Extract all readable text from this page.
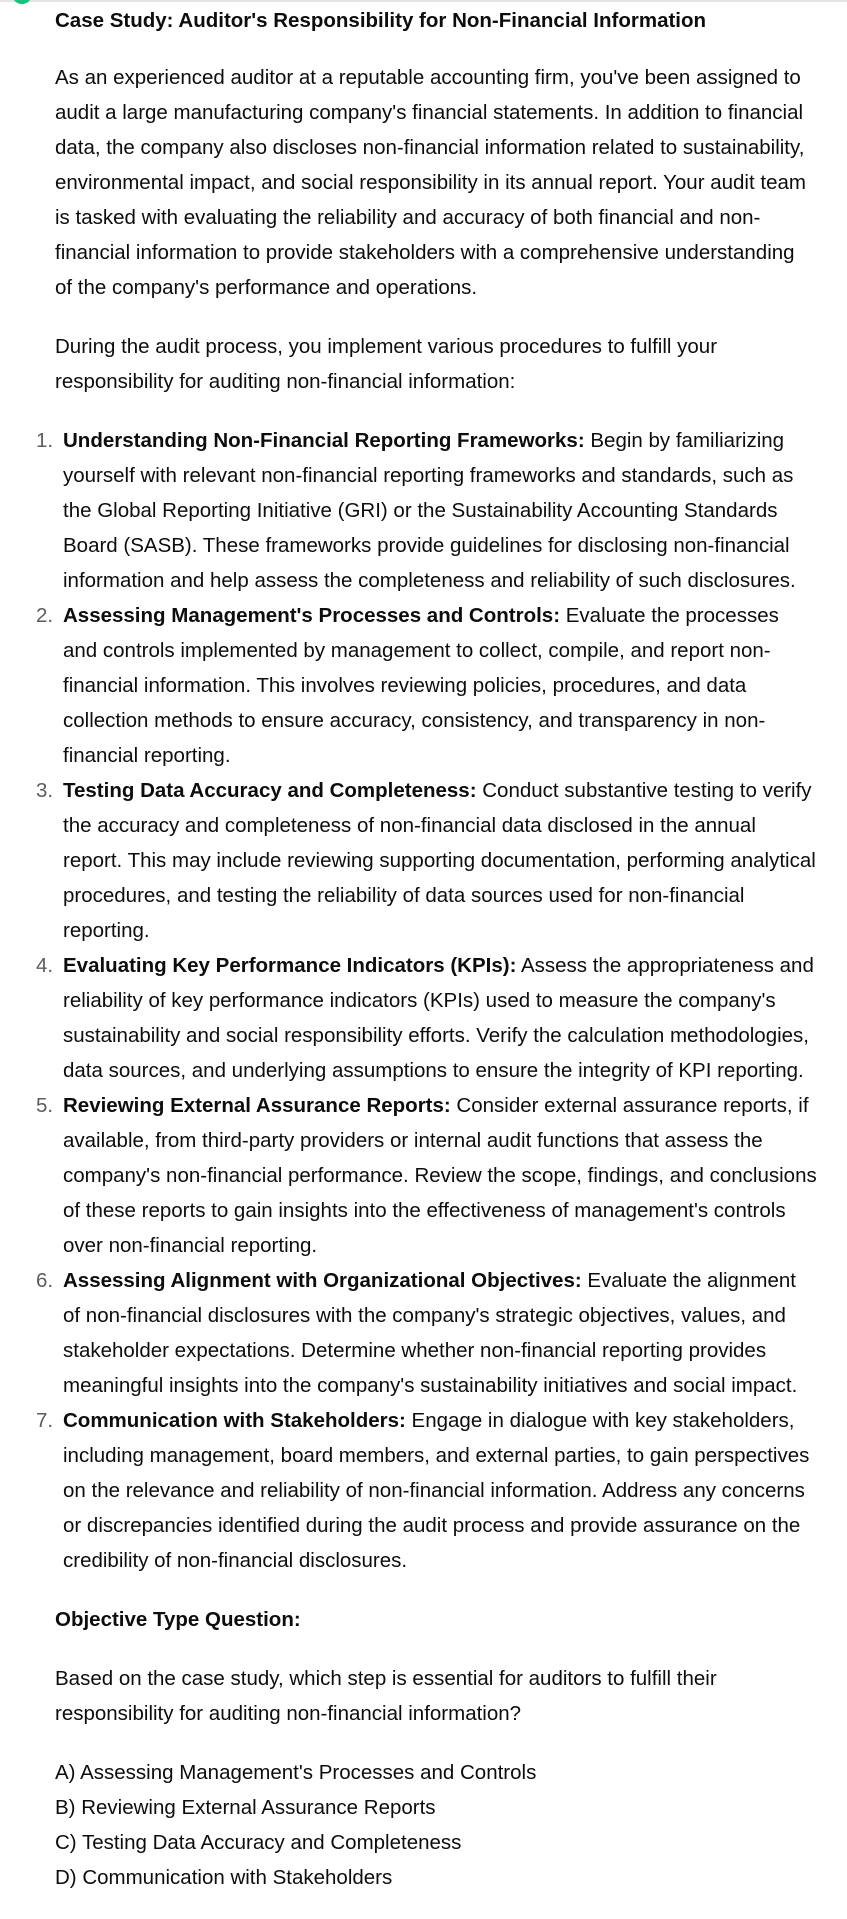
Case Study: Auditor's Responsibility for Non-Financial Information

As an experienced auditor at a reputable accounting firm, you've been assigned to audit a large manufacturing company's financial statements. In addition to financial data, the company also discloses non-financial information related to sustainability, environmental impact, and social responsibility in its annual report. Your audit team is tasked with evaluating the reliability and accuracy of both financial and non-financial information to provide stakeholders with a comprehensive understanding of the company's performance and operations.

During the audit process, you implement various procedures to fulfill your responsibility for auditing non-financial information:

1. Understanding Non-Financial Reporting Frameworks: Begin by familiarizing yourself with relevant non-financial reporting frameworks and standards, such as the Global Reporting Initiative (GRI) or the Sustainability Accounting Standards Board (SASB). These frameworks provide guidelines for disclosing non-financial information and help assess the completeness and reliability of such disclosures.
2. Assessing Management's Processes and Controls: Evaluate the processes and controls implemented by management to collect, compile, and report non-financial information. This involves reviewing policies, procedures, and data collection methods to ensure accuracy, consistency, and transparency in non-financial reporting.
3. Testing Data Accuracy and Completeness: Conduct substantive testing to verify the accuracy and completeness of non-financial data disclosed in the annual report. This may include reviewing supporting documentation, performing analytical procedures, and testing the reliability of data sources used for non-financial reporting.
4. Evaluating Key Performance Indicators (KPIs): Assess the appropriateness and reliability of key performance indicators (KPIs) used to measure the company's sustainability and social responsibility efforts. Verify the calculation methodologies, data sources, and underlying assumptions to ensure the integrity of KPI reporting.
5. Reviewing External Assurance Reports: Consider external assurance reports, if available, from third-party providers or internal audit functions that assess the company's non-financial performance. Review the scope, findings, and conclusions of these reports to gain insights into the effectiveness of management's controls over non-financial reporting.
6. Assessing Alignment with Organizational Objectives: Evaluate the alignment of non-financial disclosures with the company's strategic objectives, values, and stakeholder expectations. Determine whether non-financial reporting provides meaningful insights into the company's sustainability initiatives and social impact.
7. Communication with Stakeholders: Engage in dialogue with key stakeholders, including management, board members, and external parties, to gain perspectives on the relevance and reliability of non-financial information. Address any concerns or discrepancies identified during the audit process and provide assurance on the credibility of non-financial disclosures.
Objective Type Question:

Based on the case study, which step is essential for auditors to fulfill their responsibility for auditing non-financial information?

A) Assessing Management's Processes and Controls
B) Reviewing External Assurance Reports
C) Testing Data Accuracy and Completeness
D) Communication with Stakeholders
